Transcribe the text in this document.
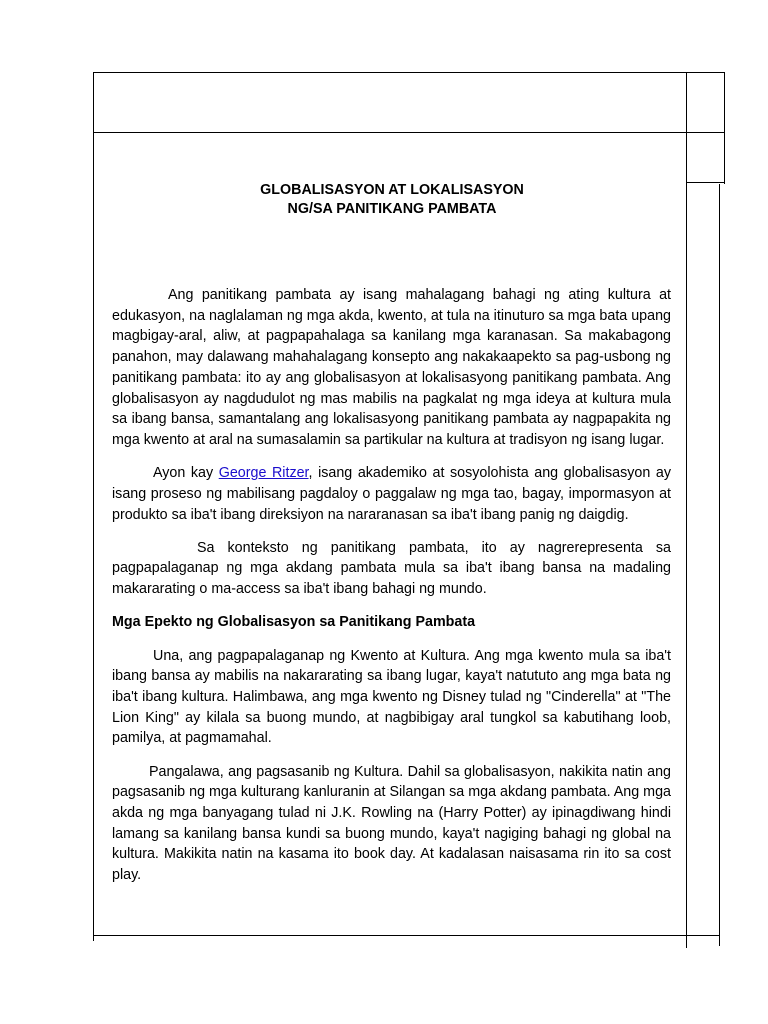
GLOBALISASYON AT LOKALISASYON
NG/SA PANITIKANG PAMBATA

Ang panitikang pambata ay isang mahalagang bahagi ng ating kultura at edukasyon, na naglalaman ng mga akda, kwento, at tula na itinuturo sa mga bata upang magbigay-aral, aliw, at pagpapahalaga sa kanilang mga karanasan. Sa makabagong panahon, may dalawang mahahalagang konsepto ang nakakaapekto sa pag-usbong ng panitikang pambata: ito ay ang globalisasyon at lokalisasyong panitikang pambata. Ang globalisasyon ay nagdudulot ng mas mabilis na pagkalat ng mga ideya at kultura mula sa ibang bansa, samantalang ang lokalisasyong panitikang pambata ay nagpapakita ng mga kwento at aral na sumasalamin sa partikular na kultura at tradisyon ng isang lugar.

Ayon kay George Ritzer, isang akademiko at sosyolohista ang globalisasyon ay isang proseso ng mabilisang pagdaloy o paggalaw ng mga tao, bagay, impormasyon at produkto sa iba't ibang direksiyon na nararanasan sa iba't ibang panig ng daigdig.

Sa konteksto ng panitikang pambata, ito ay nagrerepresenta sa pagpapalaganap ng mga akdang pambata mula sa iba't ibang bansa na madaling makararating o ma-access sa iba't ibang bahagi ng mundo.

Mga Epekto ng Globalisasyon sa Panitikang Pambata

Una, ang pagpapalaganap ng Kwento at Kultura. Ang mga kwento mula sa iba't ibang bansa ay mabilis na nakararating sa ibang lugar, kaya't natututo ang mga bata ng iba't ibang kultura. Halimbawa, ang mga kwento ng Disney tulad ng "Cinderella" at "The Lion King" ay kilala sa buong mundo, at nagbibigay aral tungkol sa kabutihang loob, pamilya, at pagmamahal.

Pangalawa, ang pagsasanib ng Kultura. Dahil sa globalisasyon, nakikita natin ang pagsasanib ng mga kulturang kanluranin at Silangan sa mga akdang pambata. Ang mga akda ng mga banyagang tulad ni J.K. Rowling na (Harry Potter) ay ipinagdiwang hindi lamang sa kanilang bansa kundi sa buong mundo, kaya't nagiging bahagi ng global na kultura. Makikita natin na kasama ito book day. At kadalasan naisasama rin ito sa cost play.
